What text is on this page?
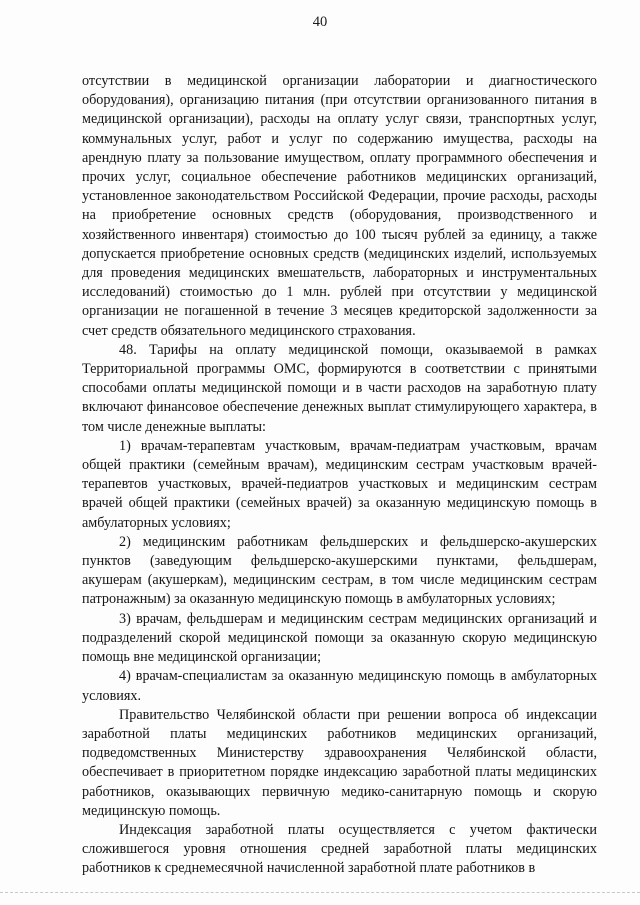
40

отсутствии в медицинской организации лаборатории и диагностического оборудования), организацию питания (при отсутствии организованного питания в медицинской организации), расходы на оплату услуг связи, транспортных услуг, коммунальных услуг, работ и услуг по содержанию имущества, расходы на арендную плату за пользование имуществом, оплату программного обеспечения и прочих услуг, социальное обеспечение работников медицинских организаций, установленное законодательством Российской Федерации, прочие расходы, расходы на приобретение основных средств (оборудования, производственного и хозяйственного инвентаря) стоимостью до 100 тысяч рублей за единицу, а также допускается приобретение основных средств (медицинских изделий, используемых для проведения медицинских вмешательств, лабораторных и инструментальных исследований) стоимостью до 1 млн. рублей при отсутствии у медицинской организации не погашенной в течение 3 месяцев кредиторской задолженности за счет средств обязательного медицинского страхования.

48. Тарифы на оплату медицинской помощи, оказываемой в рамках Территориальной программы ОМС, формируются в соответствии с принятыми способами оплаты медицинской помощи и в части расходов на заработную плату включают финансовое обеспечение денежных выплат стимулирующего характера, в том числе денежные выплаты:

1) врачам-терапевтам участковым, врачам-педиатрам участковым, врачам общей практики (семейным врачам), медицинским сестрам участковым врачей-терапевтов участковых, врачей-педиатров участковых и медицинским сестрам врачей общей практики (семейных врачей) за оказанную медицинскую помощь в амбулаторных условиях;

2) медицинским работникам фельдшерских и фельдшерско-акушерских пунктов (заведующим фельдшерско-акушерскими пунктами, фельдшерам, акушерам (акушеркам), медицинским сестрам, в том числе медицинским сестрам патронажным) за оказанную медицинскую помощь в амбулаторных условиях;

3) врачам, фельдшерам и медицинским сестрам медицинских организаций и подразделений скорой медицинской помощи за оказанную скорую медицинскую помощь вне медицинской организации;

4) врачам-специалистам за оказанную медицинскую помощь в амбулаторных условиях.

Правительство Челябинской области при решении вопроса об индексации заработной платы медицинских работников медицинских организаций, подведомственных Министерству здравоохранения Челябинской области, обеспечивает в приоритетном порядке индексацию заработной платы медицинских работников, оказывающих первичную медико-санитарную помощь и скорую медицинскую помощь.

Индексация заработной платы осуществляется с учетом фактически сложившегося уровня отношения средней заработной платы медицинских работников к среднемесячной начисленной заработной плате работников в
